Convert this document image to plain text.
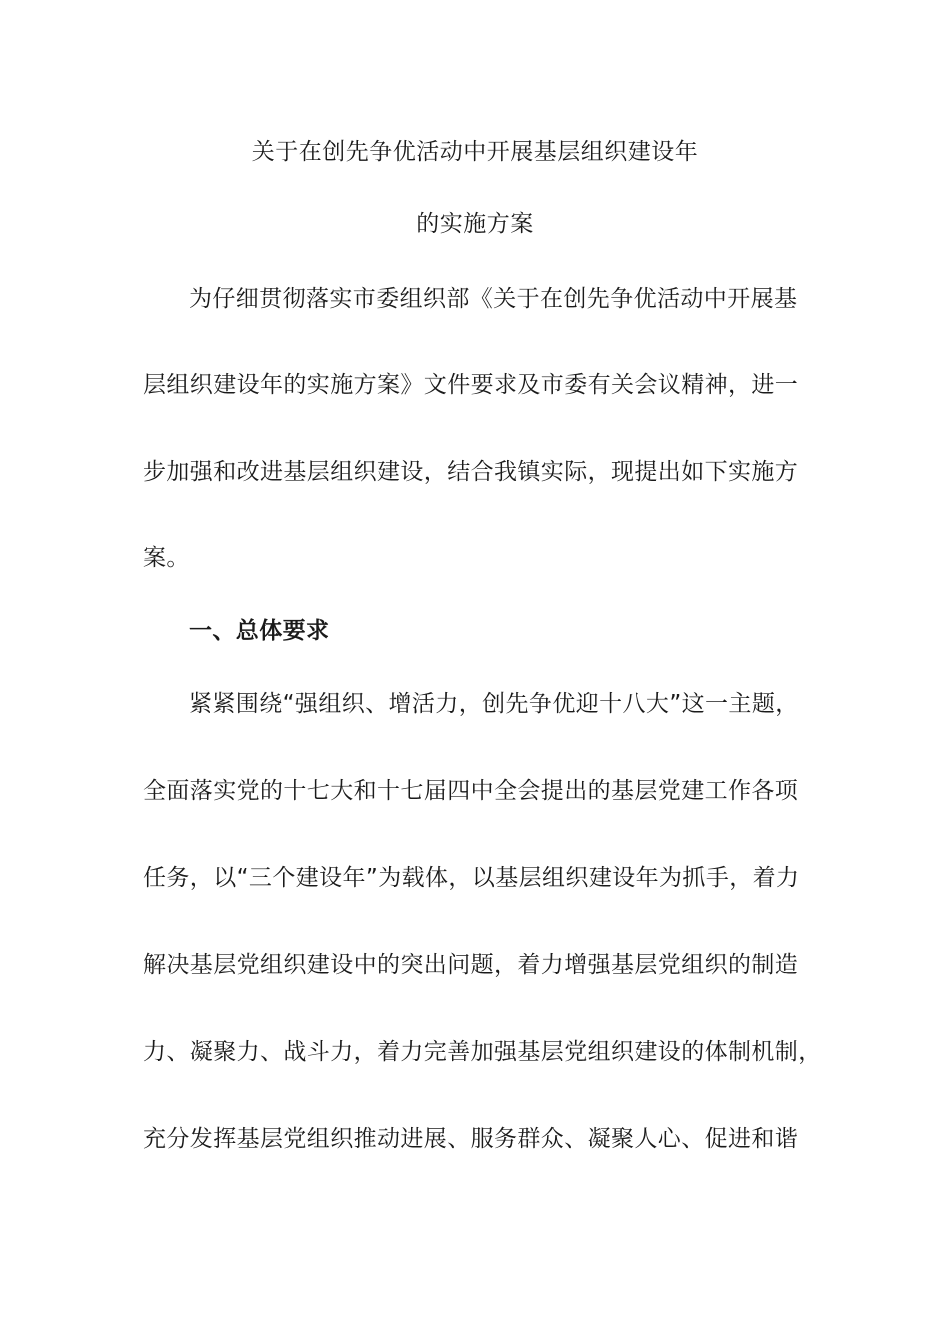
关于在创先争优活动中开展基层组织建设年
的实施方案
为仔细贯彻落实市委组织部《关于在创先争优活动中开展基
层组织建设年的实施方案》文件要求及市委有关会议精神，进一
步加强和改进基层组织建设，结合我镇实际，现提出如下实施方
案。
一、总体要求
紧紧围绕“强组织、增活力，创先争优迎十八大”这一主题，
全面落实党的十七大和十七届四中全会提出的基层党建工作各项
任务，以“三个建设年”为载体，以基层组织建设年为抓手，着力
解决基层党组织建设中的突出问题，着力增强基层党组织的制造
力、凝聚力、战斗力，着力完善加强基层党组织建设的体制机制，
充分发挥基层党组织推动进展、服务群众、凝聚人心、促进和谐
